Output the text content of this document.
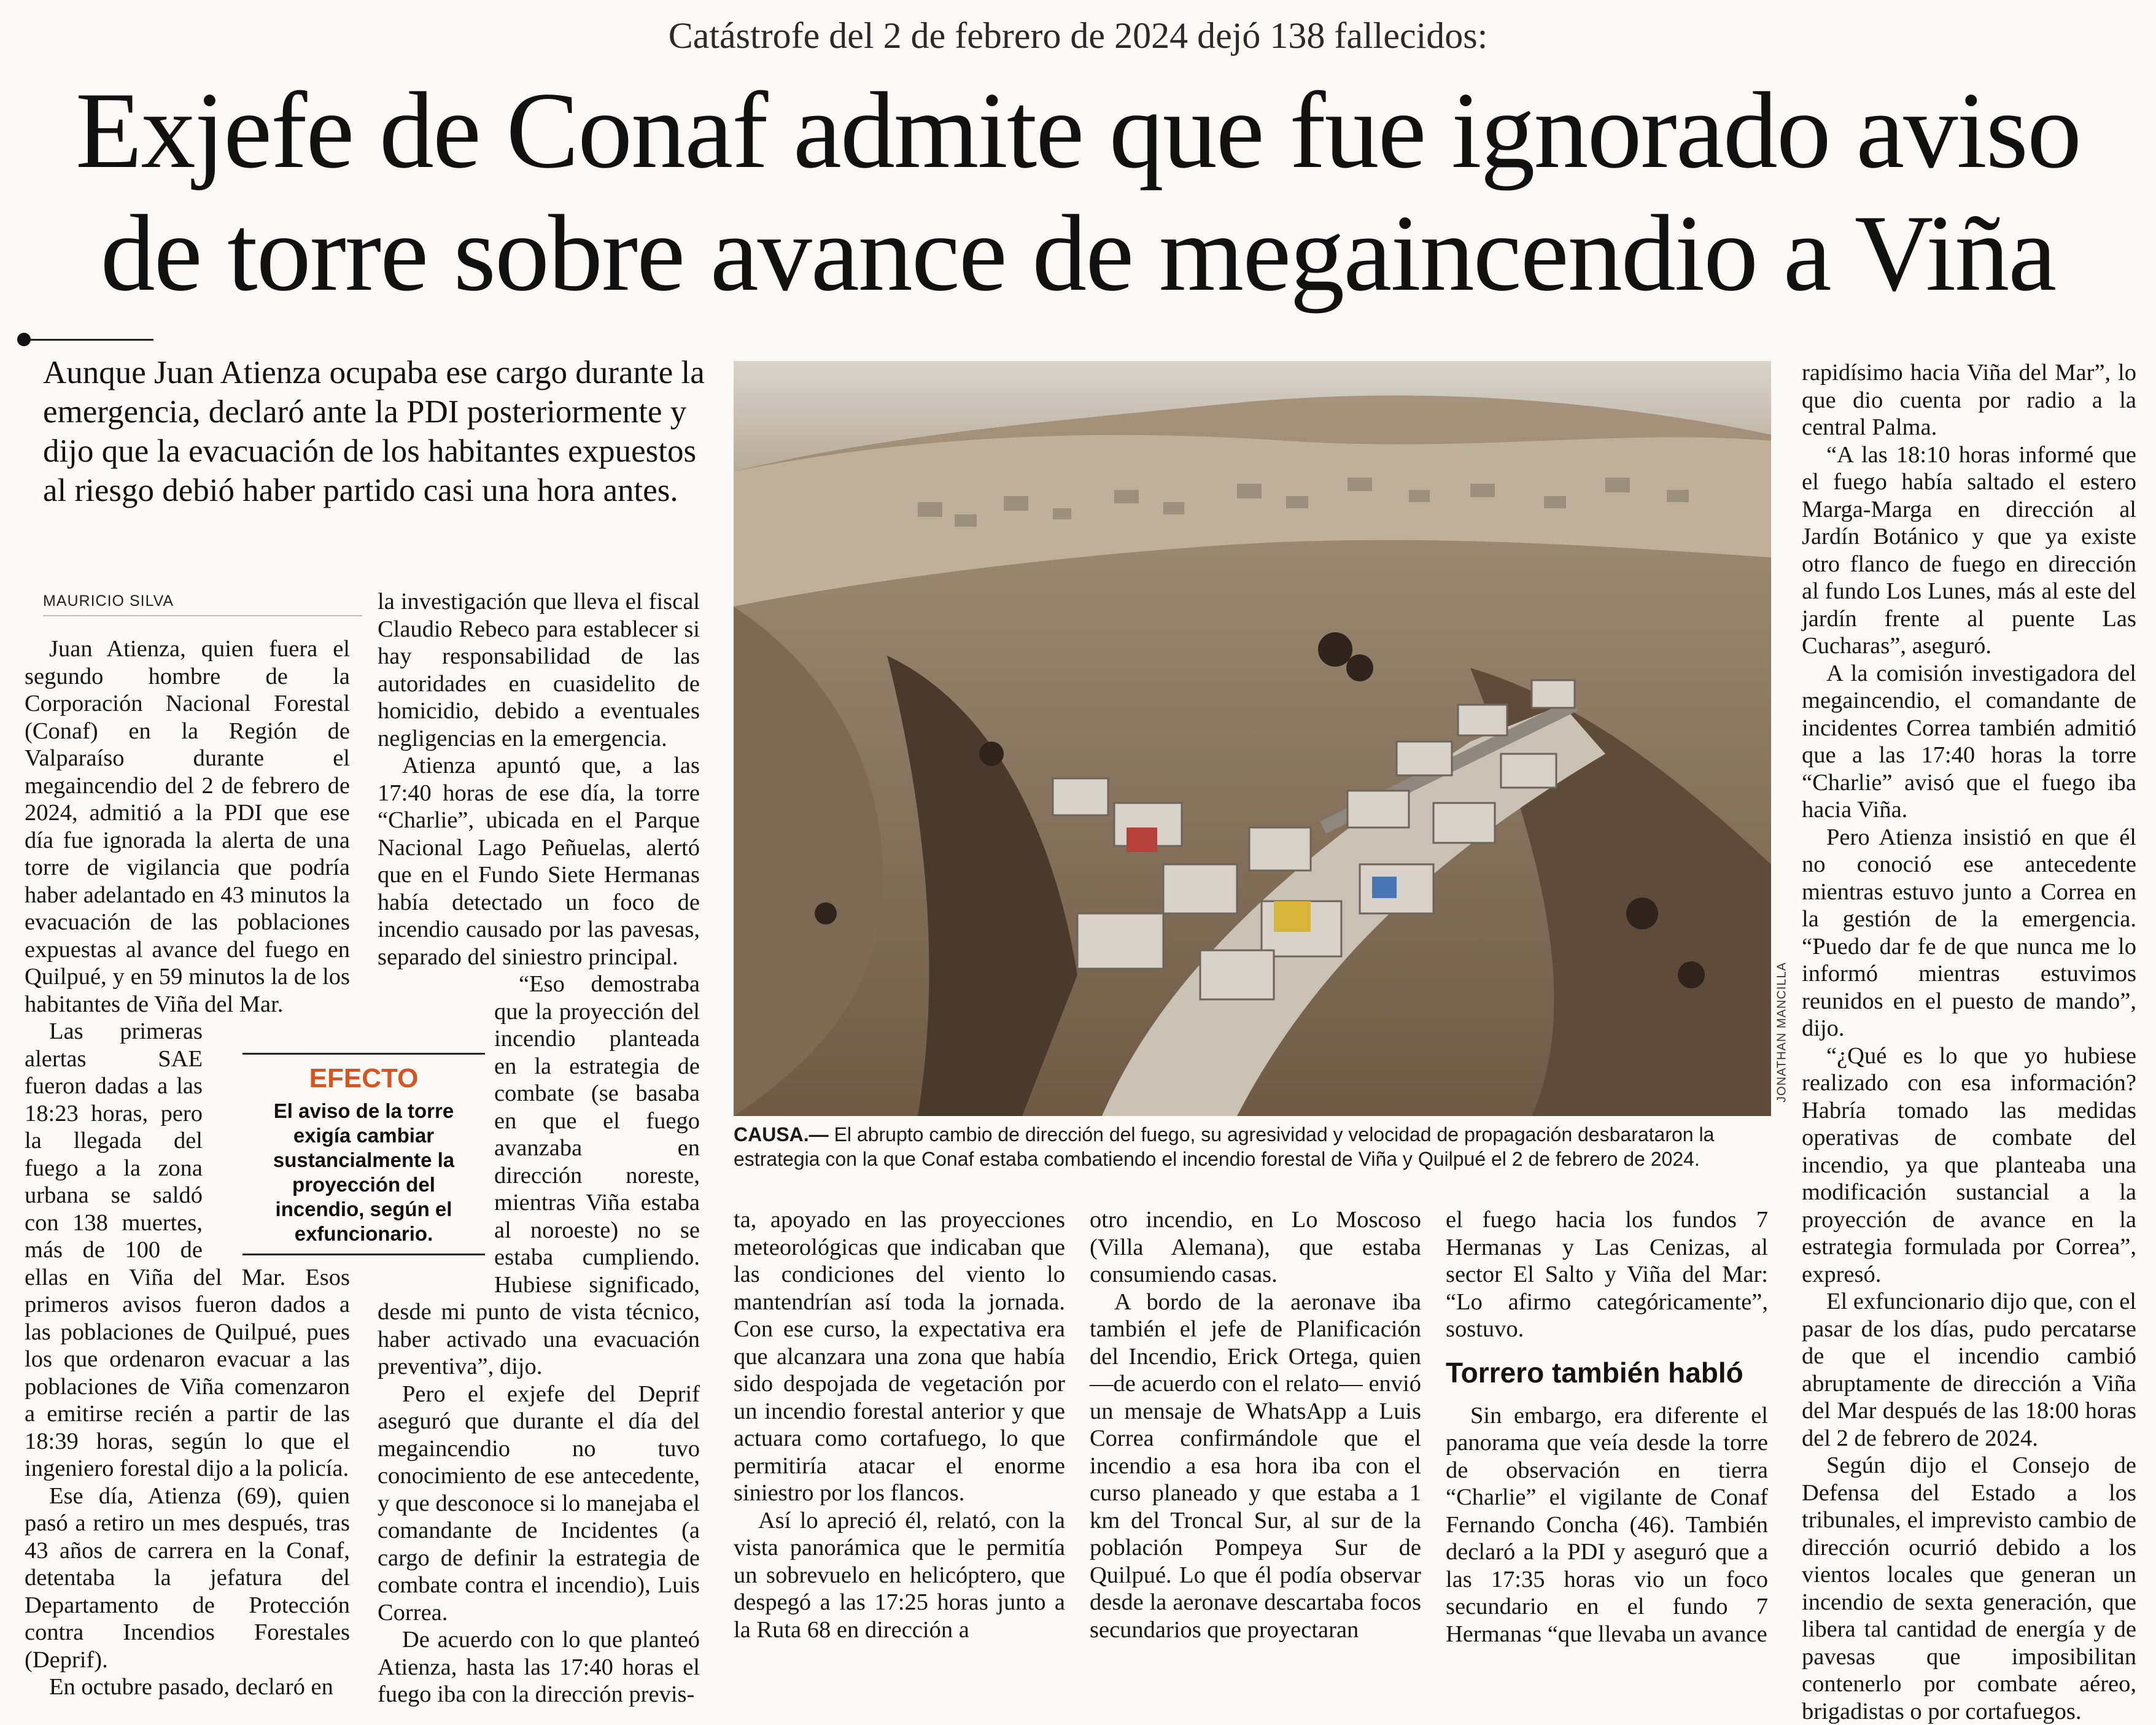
Catástrofe del 2 de febrero de 2024 dejó 138 fallecidos:
Exjefe de Conaf admite que fue ignorado aviso
de torre sobre avance de megaincendio a Viña
Aunque Juan Atienza ocupaba ese cargo durante la emergencia, declaró ante la PDI posteriormente y dijo que la evacuación de los habitantes expuestos al riesgo debió haber partido casi una hora antes.
MAURICIO SILVA

Juan Atienza, quien fuera el segundo hombre de la Corporación Nacional Forestal (Conaf) en la Región de Valparaíso durante el megaincendio del 2 de febrero de 2024, admitió a la PDI que ese día fue ignorada la alerta de una torre de vigilancia que podría haber adelantado en 43 minutos la evacuación de las poblaciones expuestas al avance del fuego en Quilpué, y en 59 minutos la de los habitantes de Viña del Mar.

Las primeras alertas SAE fueron dadas a las 18:23 horas, pero la llegada del fuego a la zona urbana se saldó con 138 muertes, más de 100 de ellas en Viña del Mar. Esos primeros avisos fueron dados a las poblaciones de Quilpué, pues los que ordenaron evacuar a las poblaciones de Viña comenzaron a emitirse recién a partir de las 18:39 horas, según lo que el ingeniero forestal dijo a la policía.

Ese día, Atienza (69), quien pasó a retiro un mes después, tras 43 años de carrera en la Conaf, detentaba la jefatura del Departamento de Protección contra Incendios Forestales (Deprif).

En octubre pasado, declaró en

la investigación que lleva el fiscal Claudio Rebeco para establecer si hay responsabilidad de las autoridades en cuasidelito de homicidio, debido a eventuales negligencias en la emergencia.

Atienza apuntó que, a las 17:40 horas de ese día, la torre “Charlie”, ubicada en el Parque Nacional Lago Peñuelas, alertó que en el Fundo Siete Hermanas había detectado un foco de incendio causado por las pavesas, separado del siniestro principal.

“Eso demostraba que la proyección del incendio planteada en la estrategia de combate (se basaba en que el fuego avanzaba en dirección noreste, mientras Viña estaba al noroeste) no se estaba cumpliendo. Hubiese significado, desde mi punto de vista técnico, haber activado una evacuación preventiva”, dijo.

Pero el exjefe del Deprif aseguró que durante el día del megaincendio no tuvo conocimiento de ese antecedente, y que desconoce si lo manejaba el comandante de Incidentes (a cargo de definir la estrategia de combate contra el incendio), Luis Correa.

De acuerdo con lo que planteó Atienza, hasta las 17:40 horas el fuego iba con la dirección previs-

EFECTO
El aviso de la torre exigía cambiar sustancialmente la proyección del incendio, según el exfuncionario.
JONATHAN MANCILLA
CAUSA.— El abrupto cambio de dirección del fuego, su agresividad y velocidad de propagación desbarataron la estrategia con la que Conaf estaba combatiendo el incendio forestal de Viña y Quilpué el 2 de febrero de 2024.

ta, apoyado en las proyecciones meteorológicas que indicaban que las condiciones del viento lo mantendrían así toda la jornada. Con ese curso, la expectativa era que alcanzara una zona que había sido despojada de vegetación por un incendio forestal anterior y que actuara como cortafuego, lo que permitiría atacar el enorme siniestro por los flancos.

Así lo apreció él, relató, con la vista panorámica que le permitía un sobrevuelo en helicóptero, que despegó a las 17:25 horas junto a la Ruta 68 en dirección a

otro incendio, en Lo Moscoso (Villa Alemana), que estaba consumiendo casas.

A bordo de la aeronave iba también el jefe de Planificación del Incendio, Erick Ortega, quien —de acuerdo con el relato— envió un mensaje de WhatsApp a Luis Correa confirmándole que el incendio a esa hora iba con el curso planeado y que estaba a 1 km del Troncal Sur, al sur de la población Pompeya Sur de Quilpué. Lo que él podía observar desde la aeronave descartaba focos secundarios que proyectaran

el fuego hacia los fundos 7 Hermanas y Las Cenizas, al sector El Salto y Viña del Mar: “Lo afirmo categóricamente”, sostuvo.

Torrero también habló

Sin embargo, era diferente el panorama que veía desde la torre de observación en tierra “Charlie” el vigilante de Conaf Fernando Concha (46). También declaró a la PDI y aseguró que a las 17:35 horas vio un foco secundario en el fundo 7 Hermanas “que llevaba un avance

rapidísimo hacia Viña del Mar”, lo que dio cuenta por radio a la central Palma.

“A las 18:10 horas informé que el fuego había saltado el estero Marga-Marga en dirección al Jardín Botánico y que ya existe otro flanco de fuego en dirección al fundo Los Lunes, más al este del jardín frente al puente Las Cucharas”, aseguró.

A la comisión investigadora del megaincendio, el comandante de incidentes Correa también admitió que a las 17:40 horas la torre “Charlie” avisó que el fuego iba hacia Viña.

Pero Atienza insistió en que él no conoció ese antecedente mientras estuvo junto a Correa en la gestión de la emergencia. “Puedo dar fe de que nunca me lo informó mientras estuvimos reunidos en el puesto de mando”, dijo.

“¿Qué es lo que yo hubiese realizado con esa información? Habría tomado las medidas operativas de combate del incendio, ya que planteaba una modificación sustancial a la proyección de avance en la estrategia formulada por Correa”, expresó.

El exfuncionario dijo que, con el pasar de los días, pudo percatarse de que el incendio cambió abruptamente de dirección a Viña del Mar después de las 18:00 horas del 2 de febrero de 2024.

Según dijo el Consejo de Defensa del Estado a los tribunales, el imprevisto cambio de dirección ocurrió debido a los vientos locales que generan un incendio de sexta generación, que libera tal cantidad de energía y de pavesas que imposibilitan contenerlo por combate aéreo, brigadistas o por cortafuegos.
